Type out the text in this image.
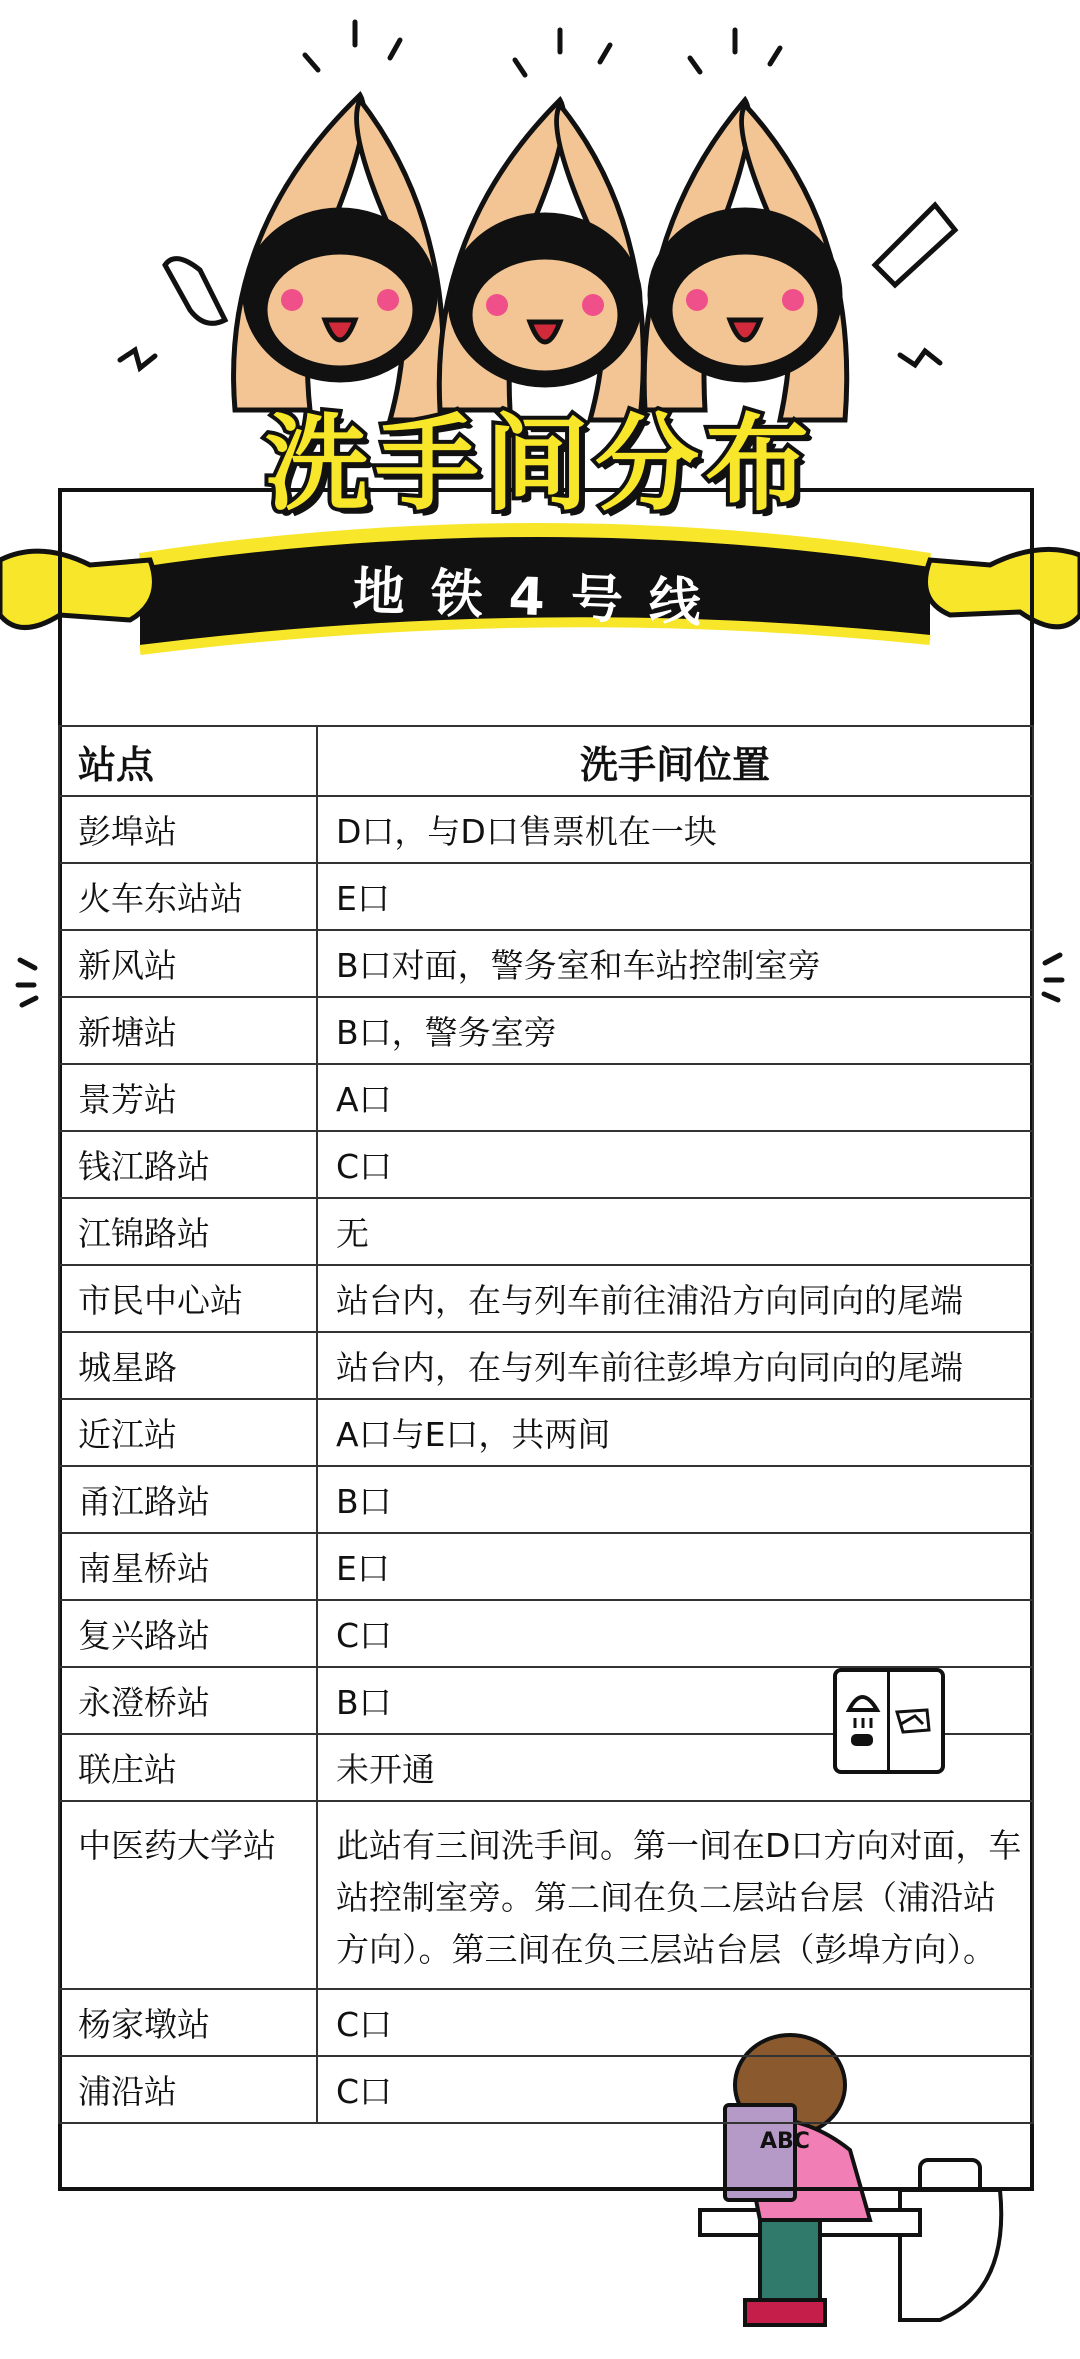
ABC
洗手间分布
地铁4号线
站点	洗手间位置
彭埠站	D口，与D口售票机在一块
火车东站站	E口
新风站	B口对面，警务室和车站控制室旁
新塘站	B口，警务室旁
景芳站	A口
钱江路站	C口
江锦路站	无
市民中心站	站台内，在与列车前往浦沿方向同向的尾端
城星路	站台内，在与列车前往彭埠方向同向的尾端
近江站	A口与E口，共两间
甬江路站	B口
南星桥站	E口
复兴路站	C口
永澄桥站	B口
联庄站	未开通
中医药大学站	此站有三间洗手间。第一间在D口方向对面，车站控制室旁。第二间在负二层站台层（浦沿站方向）。第三间在负三层站台层（彭埠方向）。
杨家墩站	C口
浦沿站	C口
